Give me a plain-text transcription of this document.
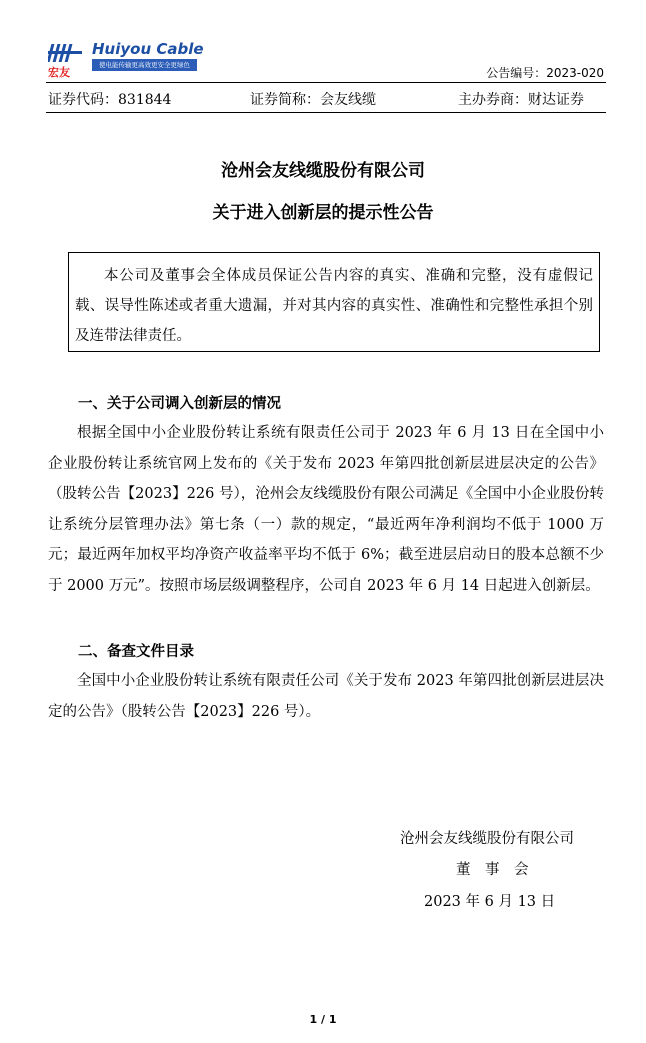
Huiyou Cable
宏友
使电能传输更高效更安全更绿色
公告编号：2023-020
证券代码：831844	证券简称：会友线缆	主办券商：财达证券
沧州会友线缆股份有限公司
关于进入创新层的提示性公告
本公司及董事会全体成员保证公告内容的真实、准确和完整，没有虚假记载、误导性陈述或者重大遗漏，并对其内容的真实性、准确性和完整性承担个别及连带法律责任。
一、关于公司调入创新层的情况
根据全国中小企业股份转让系统有限责任公司于 2023 年 6 月 13 日在全国中小企业股份转让系统官网上发布的《关于发布 2023 年第四批创新层进层决定的公告》（股转公告【2023】226 号），沧州会友线缆股份有限公司满足《全国中小企业股份转让系统分层管理办法》第七条（一）款的规定，“最近两年净利润均不低于 1000 万元；最近两年加权平均净资产收益率平均不低于 6%；截至进层启动日的股本总额不少于 2000 万元”。按照市场层级调整程序，公司自 2023 年 6 月 14 日起进入创新层。
二、备查文件目录
全国中小企业股份转让系统有限责任公司《关于发布 2023 年第四批创新层进层决定的公告》（股转公告【2023】226 号）。
沧州会友线缆股份有限公司
董　事　会
2023 年 6 月 13 日
1 / 1
